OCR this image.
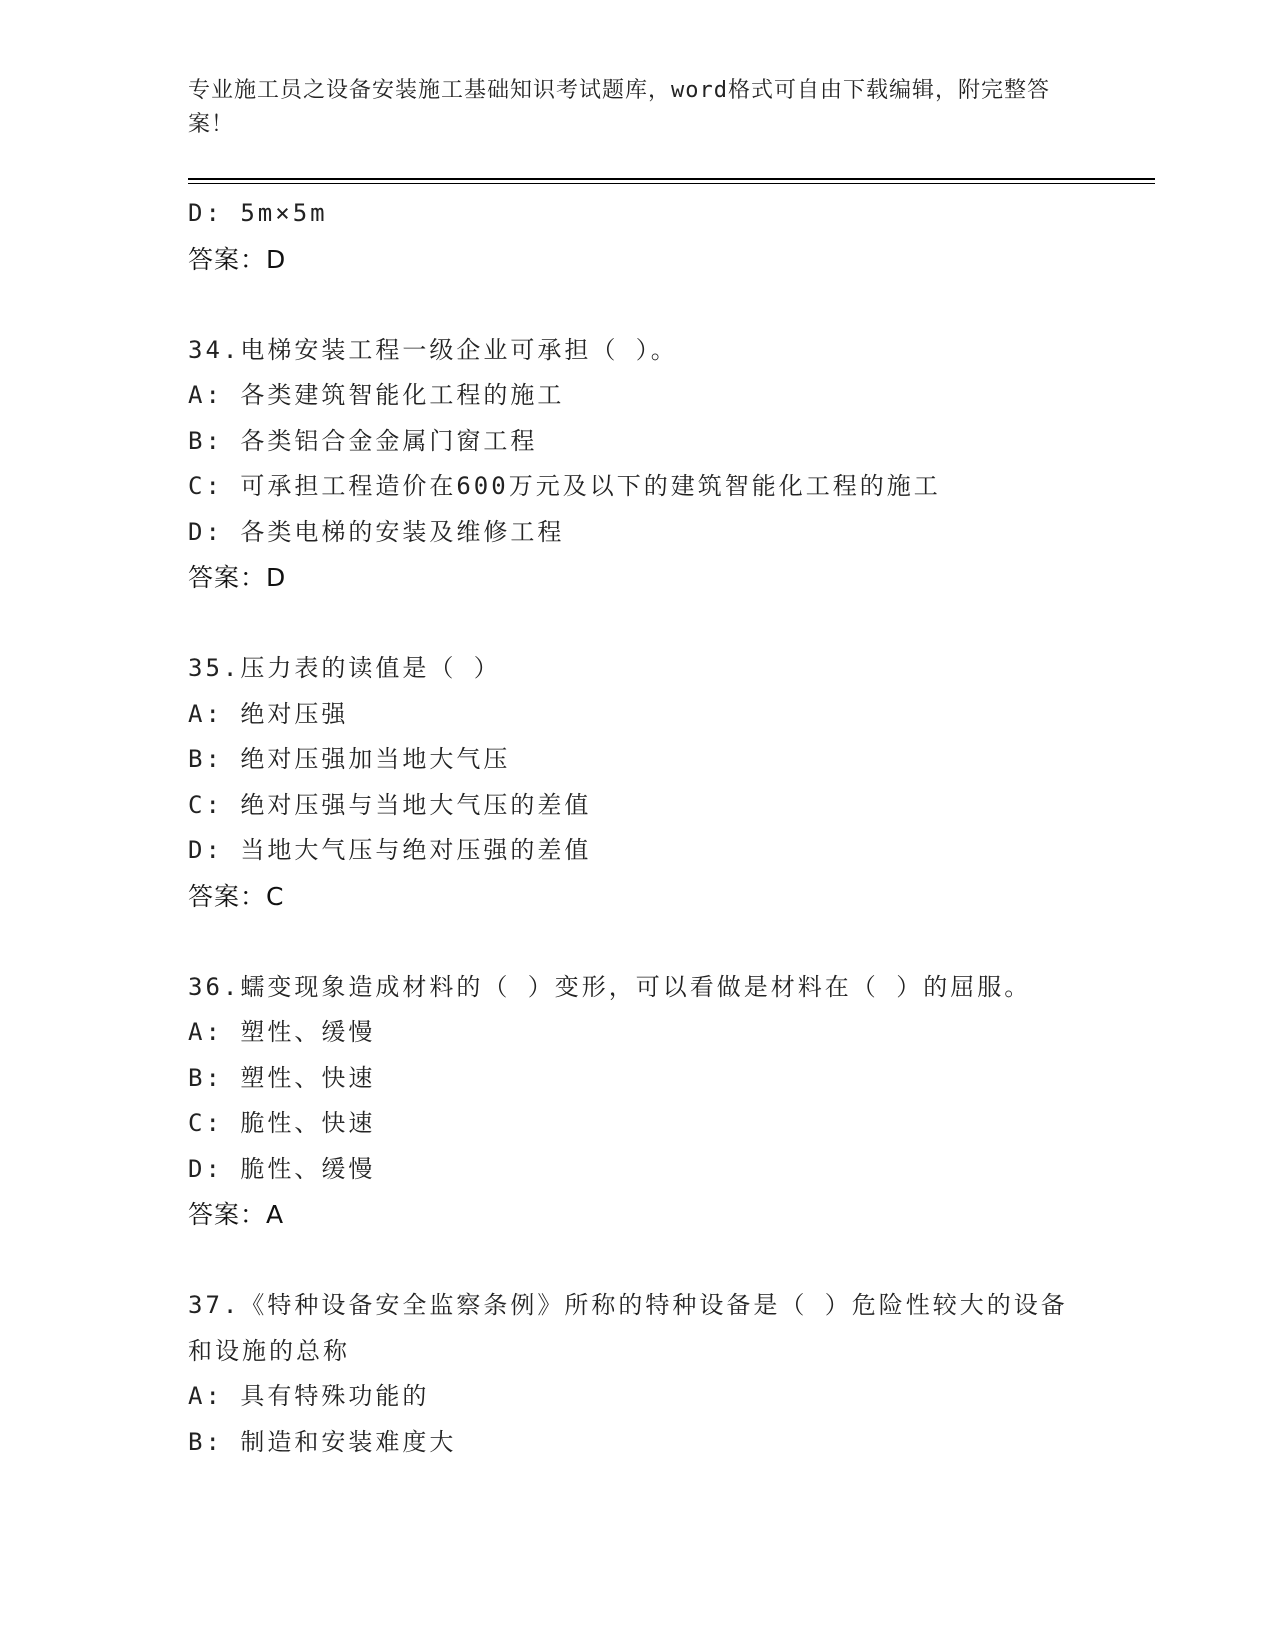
专业施工员之设备安装施工基础知识考试题库，word格式可自由下载编辑，附完整答案！
D: 5m×5m
答案：D
34.电梯安装工程一级企业可承担（ ）。
A: 各类建筑智能化工程的施工
B: 各类铝合金金属门窗工程
C: 可承担工程造价在600万元及以下的建筑智能化工程的施工
D: 各类电梯的安装及维修工程
答案：D
35.压力表的读值是（ ）
A: 绝对压强
B: 绝对压强加当地大气压
C: 绝对压强与当地大气压的差值
D: 当地大气压与绝对压强的差值
答案：C
36.蠕变现象造成材料的（ ）变形，可以看做是材料在（ ）的屈服。
A: 塑性、缓慢
B: 塑性、快速
C: 脆性、快速
D: 脆性、缓慢
答案：A
37.《特种设备安全监察条例》所称的特种设备是（ ）危险性较大的设备和设施的总称
A: 具有特殊功能的
B: 制造和安装难度大
